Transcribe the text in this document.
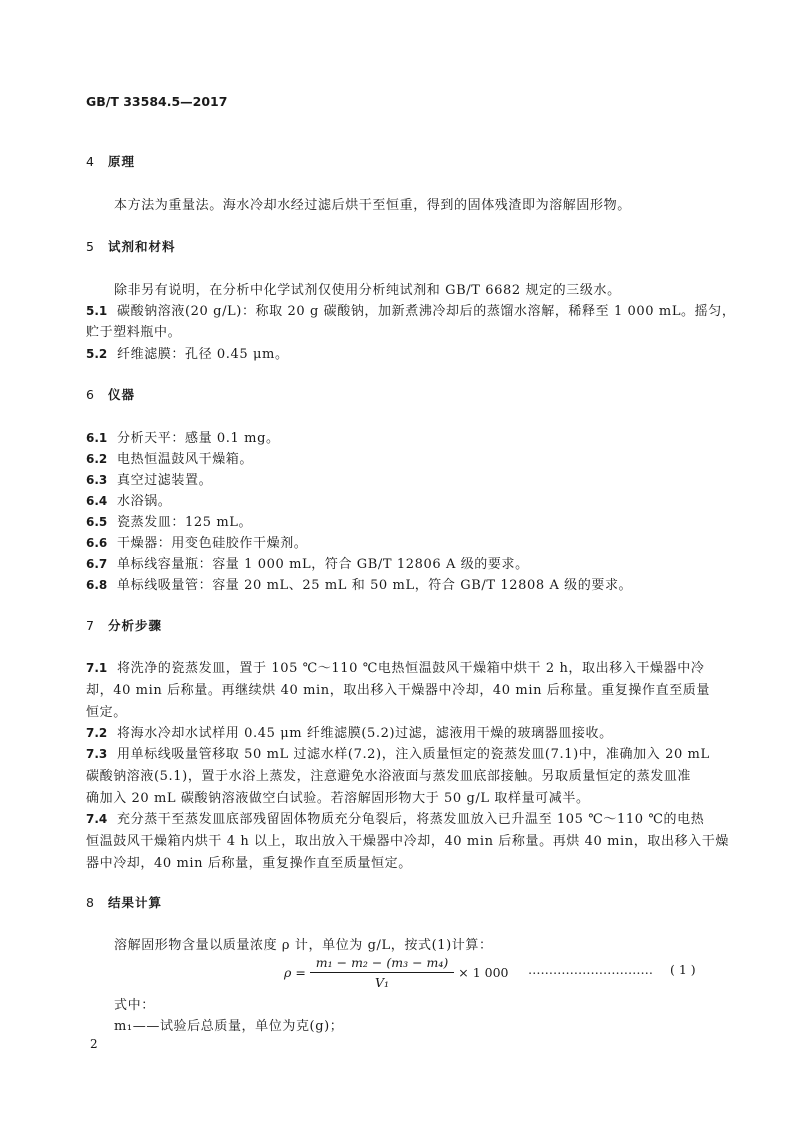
GB/T 33584.5—2017
4 原理
本方法为重量法。海水冷却水经过滤后烘干至恒重，得到的固体残渣即为溶解固形物。
5 试剂和材料
除非另有说明，在分析中化学试剂仅使用分析纯试剂和 GB/T 6682 规定的三级水。
5.1 碳酸钠溶液(20 g/L)：称取 20 g 碳酸钠，加新煮沸冷却后的蒸馏水溶解，稀释至 1 000 mL。摇匀，
贮于塑料瓶中。
5.2 纤维滤膜：孔径 0.45 μm。
6 仪器
6.1 分析天平：感量 0.1 mg。
6.2 电热恒温鼓风干燥箱。
6.3 真空过滤装置。
6.4 水浴锅。
6.5 瓷蒸发皿：125 mL。
6.6 干燥器：用变色硅胶作干燥剂。
6.7 单标线容量瓶：容量 1 000 mL，符合 GB/T 12806 A 级的要求。
6.8 单标线吸量管：容量 20 mL、25 mL 和 50 mL，符合 GB/T 12808 A 级的要求。
7 分析步骤
7.1 将洗净的瓷蒸发皿，置于 105 ℃～110 ℃电热恒温鼓风干燥箱中烘干 2 h，取出移入干燥器中冷
却，40 min 后称量。再继续烘 40 min，取出移入干燥器中冷却，40 min 后称量。重复操作直至质量
恒定。
7.2 将海水冷却水试样用 0.45 μm 纤维滤膜(5.2)过滤，滤液用干燥的玻璃器皿接收。
7.3 用单标线吸量管移取 50 mL 过滤水样(7.2)，注入质量恒定的瓷蒸发皿(7.1)中，准确加入 20 mL
碳酸钠溶液(5.1)，置于水浴上蒸发，注意避免水浴液面与蒸发皿底部接触。另取质量恒定的蒸发皿准
确加入 20 mL 碳酸钠溶液做空白试验。若溶解固形物大于 50 g/L 取样量可减半。
7.4 充分蒸干至蒸发皿底部残留固体物质充分龟裂后，将蒸发皿放入已升温至 105 ℃～110 ℃的电热
恒温鼓风干燥箱内烘干 4 h 以上，取出放入干燥器中冷却，40 min 后称量。再烘 40 min，取出移入干燥
器中冷却，40 min 后称量，重复操作直至质量恒定。
8 结果计算
溶解固形物含量以质量浓度 ρ 计，单位为 g/L，按式(1)计算：
$\rho = \frac{\text{m₁ − m₂ − (m₃ − m₄)}}{\text{V₁}} \times 1$ 000 ………………………… ( 1 )
式中：
m₁——试验后总质量，单位为克(g)；
2
